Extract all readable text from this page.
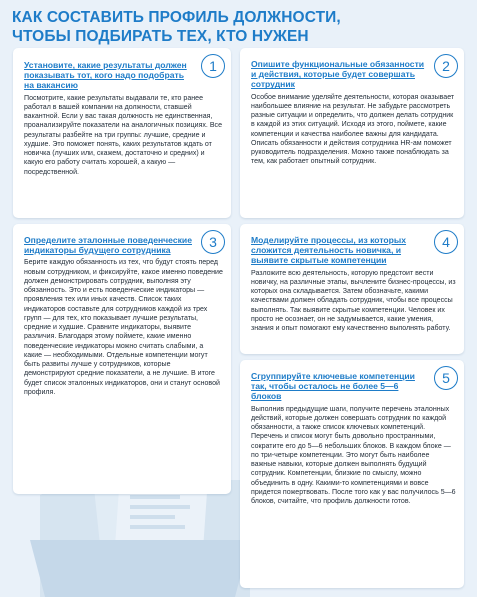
КАК СОСТАВИТЬ ПРОФИЛЬ ДОЛЖНОСТИ,
ЧТОБЫ ПОДБИРАТЬ ТЕХ, КТО НУЖЕН
1
Установите, какие результаты должен показывать тот, кого надо подобрать на вакансию
Посмотрите, какие результаты выдавали те, кто ранее работал в вашей компании на должности, ставшей вакантной. Если у вас такая должность не единственная, проанализируйте показатели на аналогичных позициях. Все результаты разбейте на три группы: лучшие, средние и худшие. Это поможет понять, каких результатов ждать от новичка (лучших или, скажем, достаточно и средних) и какую его работу считать хорошей, а какую — посредственной.
2
Опишите функциональные обязанности и действия, которые будет совершать сотрудник
Особое внимание уделяйте деятельности, которая оказывает наибольшее влияние на результат. Не забудьте рассмотреть разные ситуации и определить, что должен делать сотрудник в каждой из этих ситуаций. Исходя из этого, поймете, какие компетенции и качества наиболее важны для кандидата. Описать обязанности и действия сотрудника HR-ам поможет руководитель подразделения. Можно также понаблюдать за тем, как работает опытный сотрудник.
3
Определите эталонные поведенческие индикаторы будущего сотрудника
Берите каждую обязанность из тех, что будут стоять перед новым сотрудником, и фиксируйте, какое именно поведение должен демонстрировать сотрудник, выполняя эту обязанность. Это и есть поведенческие индикаторы — проявления тех или иных качеств. Список таких индикаторов составьте для сотрудников каждой из трех групп — для тех, кто показывает лучшие результаты, средние и худшие. Сравните индикаторы, выявите различия. Благодаря этому поймете, какие именно поведенческие индикаторы можно считать слабыми, а какие — необходимыми. Отдельные компетенции могут быть развиты лучше у сотрудников, которые демонстрируют средние показатели, а не лучшие. В итоге будет список эталонных индикаторов, они и станут основой профиля.
4
Моделируйте процессы, из которых сложится деятельность новичка, и выявите скрытые компетенции
Разложите всю деятельность, которую предстоит вести новичку, на различные этапы, вычлените бизнес-процессы, из которых она складывается. Затем обозначьте, какими качествами должен обладать сотрудник, чтобы все процессы выполнять. Так выявите скрытые компетенции. Человек их просто не осознает, он не задумывается, какие умения, знания и опыт помогают ему качественно выполнять работу.
5
Сгруппируйте ключевые компетенции так, чтобы осталось не более 5—6 блоков
Выполнив предыдущие шаги, получите перечень эталонных действий, которые должен совершать сотрудник по каждой обязанности, а также список ключевых компетенций. Перечень и список могут быть довольно пространными, сократите его до 5—6 небольших блоков. В каждом блоке — по три-четыре компетенции. Это могут быть наиболее важные навыки, которые должен выполнять будущий сотрудник. Компетенции, близкие по смыслу, можно объединить в одну. Какими-то компетенциями и вовсе придется пожертвовать. После того как у вас получилось 5—6 блоков, считайте, что профиль должности готов.
